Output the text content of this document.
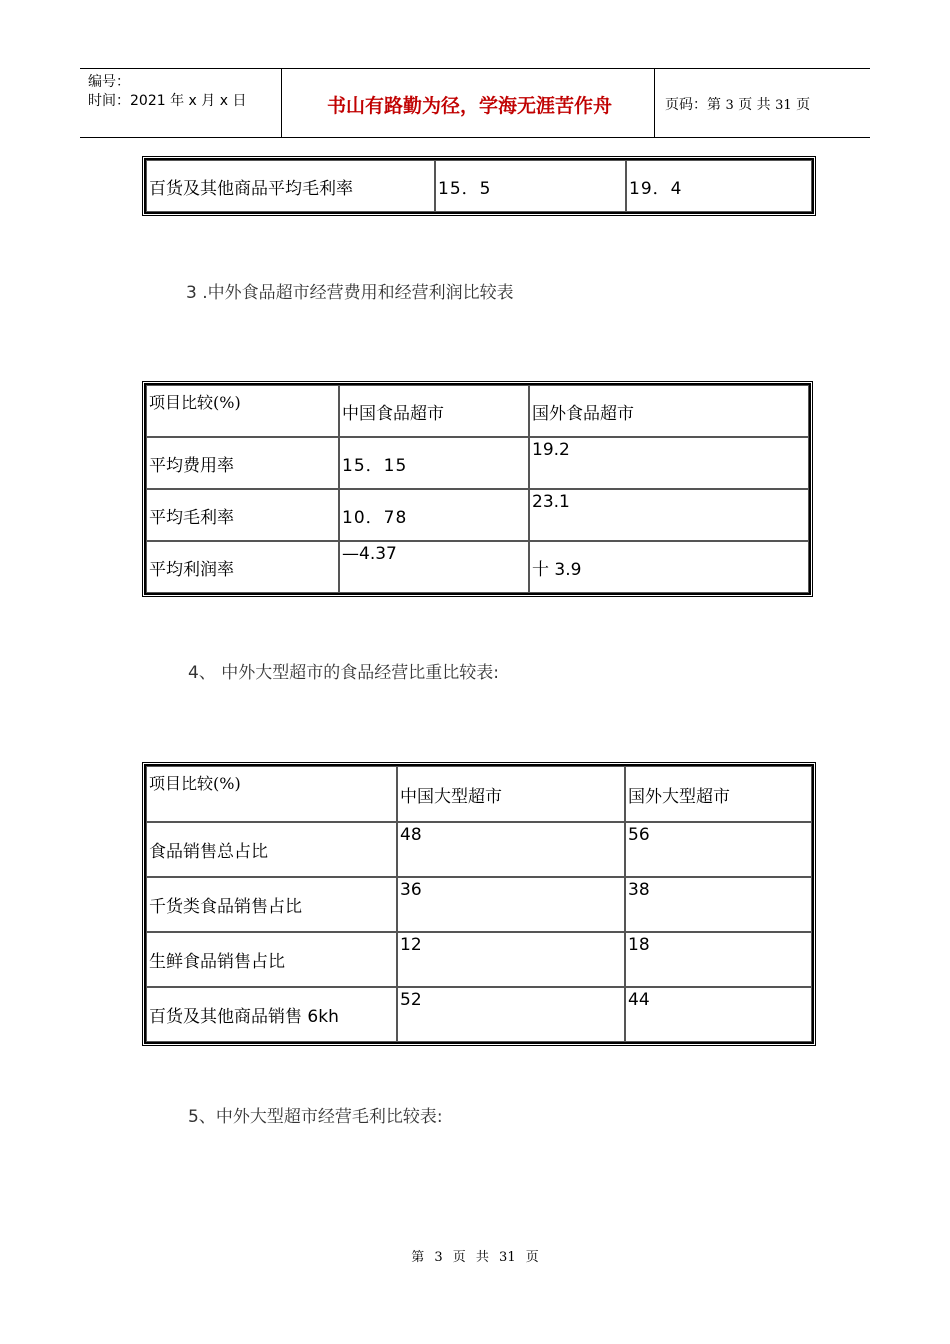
编号：
时间：2021 年 x 月 x 日	书山有路勤为径，学海无涯苦作舟	页码：第 3 页 共 31 页
百货及其他商品平均毛利率	15．5	19．4
3 .中外食品超市经营费用和经营利润比较表
项目比较(%)	中国食品超市	国外食品超市
平均费用率	15．15	19.2
平均毛利率	10．78	23.1
平均利润率	—4.37	十 3.9
4、 中外大型超市的食品经营比重比较表:
项目比较(%)	中国大型超市	国外大型超市
食品销售总占比	48	56
千货类食品销售占比	36	38
生鲜食品销售占比	12	18
百货及其他商品销售 6kh	52	44
5、中外大型超市经营毛利比较表:
第 3 页 共 31 页
